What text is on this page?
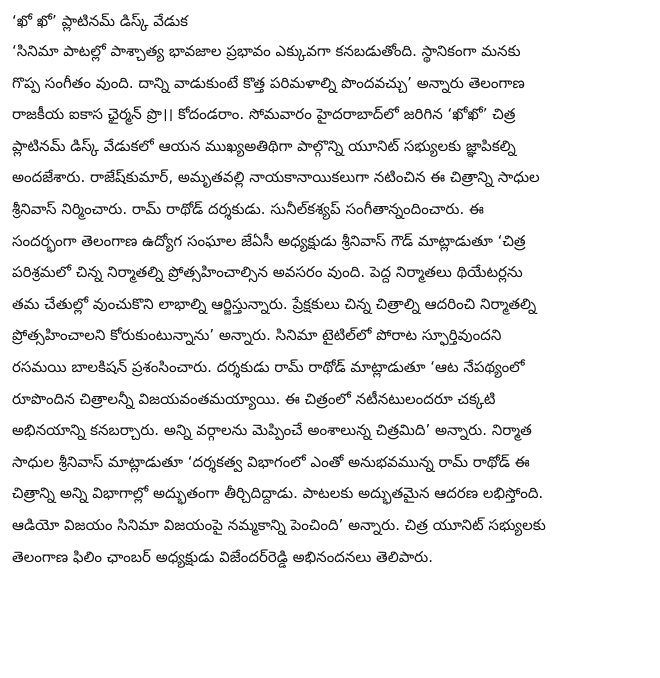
‘ఖో ఖో’ ప్లాటినమ్ డిస్క్ వేడుక
‘సినిమా పాటల్లో పాశ్చాత్య భావజాల ప్రభావం ఎక్కువగా కనబడుతోంది. స్థానికంగా మనకు
గొప్ప సంగీతం వుంది. దాన్ని వాడుకుంటే కొత్త పరిమళాల్ని పొందవచ్చు’ అన్నారు తెలంగాణ
రాజకీయ ఐకాస ఛైర్మన్ ప్రొ।। కోదండరాం. సోమవారం హైదరాబాద్‌లో జరిగిన ‘ఖోఖో’ చిత్ర
ప్లాటినమ్ డిస్క్ వేడుకలో ఆయన ముఖ్యఅతిథిగా పాల్గొన్ని యూనిట్ సభ్యులకు జ్ఞాపికల్ని
అందజేశారు. రాజేష్‌కుమార్, అమృతవల్లి నాయకానాయికలుగా నటించిన ఈ చిత్రాన్ని సాధుల
శ్రీనివాస్ నిర్మించారు. రామ్ రాథోడ్ దర్శకుడు. సునీల్‌కశ్యప్ సంగీతాన్నందించారు. ఈ
సందర్భంగా తెలంగాణ ఉద్యోగ సంఘాల జేఏసీ అధ్యక్షుడు శ్రీనివాస్ గౌడ్ మాట్లాడుతూ ‘చిత్ర
పరిశ్రమలో చిన్న నిర్మాతల్ని ప్రోత్సహించాల్సిన అవసరం వుంది. పెద్ద నిర్మాతలు థియేటర్లను
తమ చేతుల్లో వుంచుకొని లాభాల్ని ఆర్జిస్తున్నారు. ప్రేక్షకులు చిన్న చిత్రాల్ని ఆదరించి నిర్మాతల్ని
ప్రోత్సహించాలని కోరుకుంటున్నాను’ అన్నారు. సినిమా టైటిల్‌లో పోరాట స్ఫూర్తివుందని
రసమయి బాలకిషన్ ప్రశంసించారు. దర్శకుడు రామ్ రాథోడ్ మాట్లాడుతూ ‘ఆట నేపథ్యంలో
రూపొందిన చిత్రాలన్నీ విజయవంతమయ్యాయి. ఈ చిత్రంలో నటీనటులందరూ చక్కటి
అభినయాన్ని కనబర్చారు. అన్ని వర్గాలను మెప్పించే అంశాలున్న చిత్రమిది’ అన్నారు. నిర్మాత
సాధుల శ్రీనివాస్ మాట్లాడుతూ ‘దర్శకత్వ విభాగంలో ఎంతో అనుభవమున్న రామ్ రాథోడ్ ఈ
చిత్రాన్ని అన్ని విభాగాల్లో అద్భుతంగా తీర్చిదిద్దాడు. పాటలకు అద్భుతమైన ఆదరణ లభిస్తోంది.
ఆడియో విజయం సినిమా విజయంపై నమ్మకాన్ని పెంచింది’ అన్నారు. చిత్ర యూనిట్ సభ్యులకు
తెలంగాణ ఫిలిం ఛాంబర్ అధ్యక్షుడు విజేందర్‌రెడ్డి అభినందనలు తెలిపారు.
